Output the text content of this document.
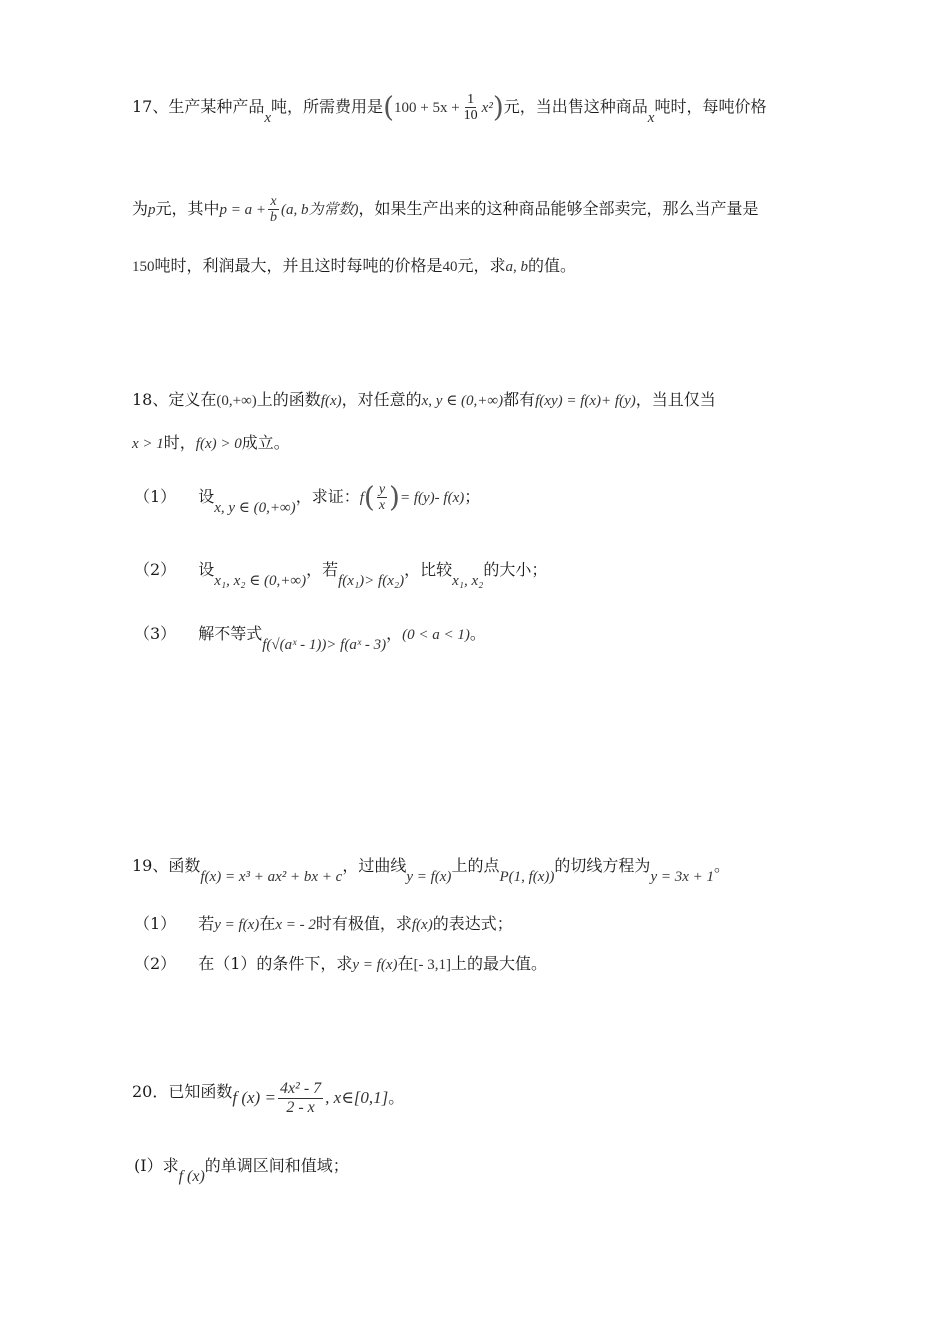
17、生产某种产品x吨，所需费用是$(100 + 5x + \frac{1}{10} x^2)$元，当出售这种商品x吨时，每吨价格
为p元，其中$p = a + \frac{x}{b} (a$, b为常数)，如果生产出来的这种商品能够全部卖完，那么当产量是
150吨时，利润最大，并且这时每吨的价格是40元，求a, b的值。
18、定义在(0,+∞)上的函数f(x)，对任意的x, y ∈ (0,+∞)都有f(xy) = f(x)+ f(y)，当且仅当
x > 1时，f(x) > 0成立。
（1） 设x, y ∈ (0,+∞)，求证：$f( \frac{y}{x}$ )= f(y)- f(x)；
（2） 设x₁, x₂ ∈ (0,+∞)，若f(x₁)> f(x₂)，比较x₁, x₂的大小；
（3） 解不等式f(√(aˣ - 1))> f(aˣ - 3)，(0 < a < 1)。
19、函数f(x) = x³ + ax² + bx + c，过曲线y = f(x)上的点P(1, f(x))的切线方程为y = 3x + 1。
（1） 若y = f(x)在x = - 2时有极值，求f(x)的表达式；
（2） 在（1）的条件下，求y = f(x)在[- 3,1]上的最大值。
20．已知函数f $(x) = \frac{\text{4x² - 7}}{2 - x}$ , x∈[0,1]。
(I）求f (x)的单调区间和值域；
